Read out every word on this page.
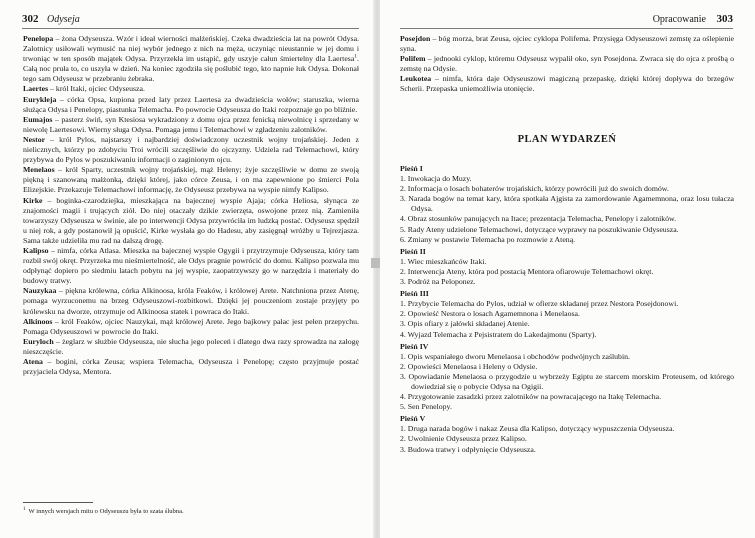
302 Odyseja

Penelopa – żona Odyseusza. Wzór i ideał wierności małżeńskiej. Czeka dwadzieścia lat na powrót Odysa. Zalotnicy usiłowali wymusić na niej wybór jednego z nich na męża, uczyniąc nieustannie w jej domu i trwoniąc w ten sposób majątek Odysa. Przyrzekła im ustąpić, gdy uszyje całun śmiertelny dla Laertesa$^1$. Całą noc pruła to, co uszyła w dzień. Na koniec zgodziła się poślubić tego, kto napnie łuk Odysa. Dokonał tego sam Odyseusz w przebraniu żebraka.

Laertes – król Itaki, ojciec Odyseusza.

Eurykleja – córka Opsa, kupiona przed laty przez Laertesa za dwadzieścia wołów; staruszka, wierna służąca Odysa i Penelopy, piastunka Telemacha. Po powrocie Odyseusza do Itaki rozpoznaje go po bliźnie.

Eumajos – pasterz świń, syn Ktesiosa wykradziony z domu ojca przez fenicką niewolnicę i sprzedany w niewolę Laertesowi. Wierny sługa Odysa. Pomaga jemu i Telemachowi w zgładzeniu zalotników.

Nestor – król Pylos, najstarszy i najbardziej doświadczony uczestnik wojny trojańskiej. Jeden z nielicznych, którzy po zdobyciu Troi wrócili szczęśliwie do ojczyzny. Udziela rad Telemachowi, który przybywa do Pylos w poszukiwaniu informacji o zaginionym ojcu.

Menelaos – król Sparty, uczestnik wojny trojańskiej, mąż Heleny; żyje szczęśliwie w domu ze swoją piękną i szanowaną małżonką, dzięki której, jako córce Zeusa, i on ma zapewnione po śmierci Pola Elizejskie. Przekazuje Telemachowi informację, że Odyseusz przebywa na wyspie nimfy Kalipso.

Kirke – boginka-czarodziejka, mieszkająca na bajecznej wyspie Ajaja; córka Heliosa, słynąca ze znajomości magii i trujących ziół. Do niej otaczały dzikie zwierzęta, oswojone przez nią. Zamieniła towarzyszy Odyseusza w świnie, ale po interwencji Odysa przywróciła im ludzką postać. Odyseusz spędził u niej rok, a gdy postanowił ją opuścić, Kirke wysłała go do Hadesu, aby zasięgnął wróżby u Tejrezjasza. Sama także udzieliła mu rad na dalszą drogę.

Kalipso – nimfa, córka Atlasa. Mieszka na bajecznej wyspie Ogygii i przytrzymuje Odyseusza, który tam rozbił swój okręt. Przyrzeka mu nieśmiertelność, ale Odys pragnie powrócić do domu. Kalipso pozwala mu odpłynąć dopiero po siedmiu latach pobytu na jej wyspie, zaopatrzywszy go w narzędzia i materiały do budowy tratwy.

Nauzykaa – piękna królewna, córka Alkinoosa, króla Feaków, i królowej Arete. Natchniona przez Atenę, pomaga wyrzuconemu na brzeg Odyseuszowi-rozbitkowi. Dzięki jej pouczeniom zostaje przyjęty po królewsku na dworze, otrzymuje od Alkinoosa statek i powraca do Itaki.

Alkinoos – król Feaków, ojciec Nauzykai, mąż królowej Arete. Jego bajkowy pałac jest pełen przepychu. Pomaga Odyseuszowi w powrocie do Itaki.

Euryloch – żeglarz w służbie Odyseusza, nie słucha jego poleceń i dlatego dwa razy sprowadza na załogę nieszczęście.

Atena – bogini, córka Zeusa; wspiera Telemacha, Odyseusza i Penelopę; często przyjmuje postać przyjaciela Odysa, Mentora.

$^1$ W innych wersjach mitu o Odyseuszu była to szata ślubna.
Opracowanie 303

Posejdon – bóg morza, brat Zeusa, ojciec cyklopa Polifema. Przysięga Odyseuszowi zemstę za oślepienie syna.

Polifem – jednooki cyklop, któremu Odyseusz wypalił oko, syn Posejdona. Zwraca się do ojca z prośbą o zemstę na Odysie.

Leukotea – nimfa, która daje Odyseuszowi magiczną przepaskę, dzięki której dopływa do brzegów Scherii. Przepaska uniemożliwia utonięcie.

PLAN WYDARZEŃ
Pieśń I
1. Inwokacja do Muzy.
2. Informacja o losach bohaterów trojańskich, którzy powrócili już do swoich domów.
3. Narada bogów na temat kary, która spotkała Ajgista za zamordowanie Agamemnona, oraz losu tułacza Odysa.
4. Obraz stosunków panujących na Itace; prezentacja Telemacha, Penelopy i zalotników.
5. Rady Ateny udzielone Telemachowi, dotyczące wyprawy na poszukiwanie Odyseusza.
6. Zmiany w postawie Telemacha po rozmowie z Ateną.
Pieśń II
1. Wiec mieszkańców Itaki.
2. Interwencja Ateny, która pod postacią Mentora ofiarowuje Telemachowi okręt.
3. Podróż na Peloponez.
Pieśń III
1. Przybycie Telemacha do Pylos, udział w ofierze składanej przez Nestora Posejdonowi.
2. Opowieść Nestora o losach Agamemnona i Menelaosa.
3. Opis ofiary z jałówki składanej Atenie.
4. Wyjazd Telemacha z Pejsistratem do Lakedajmonu (Sparty).
Pieśń IV
1. Opis wspaniałego dworu Menelaosa i obchodów podwójnych zaślubin.
2. Opowieści Menelaosa i Heleny o Odysie.
3. Opowiadanie Menelaosa o przygodzie u wybrzeży Egiptu ze starcem morskim Proteusem, od którego dowiedział się o pobycie Odysa na Ogigii.
4. Przygotowanie zasadzki przez zalotników na powracającego na Itakę Telemacha.
5. Sen Penelopy.
Pieśń V
1. Druga narada bogów i nakaz Zeusa dla Kalipso, dotyczący wypuszczenia Odyseusza.
2. Uwolnienie Odyseusza przez Kalipso.
3. Budowa tratwy i odpłynięcie Odyseusza.
